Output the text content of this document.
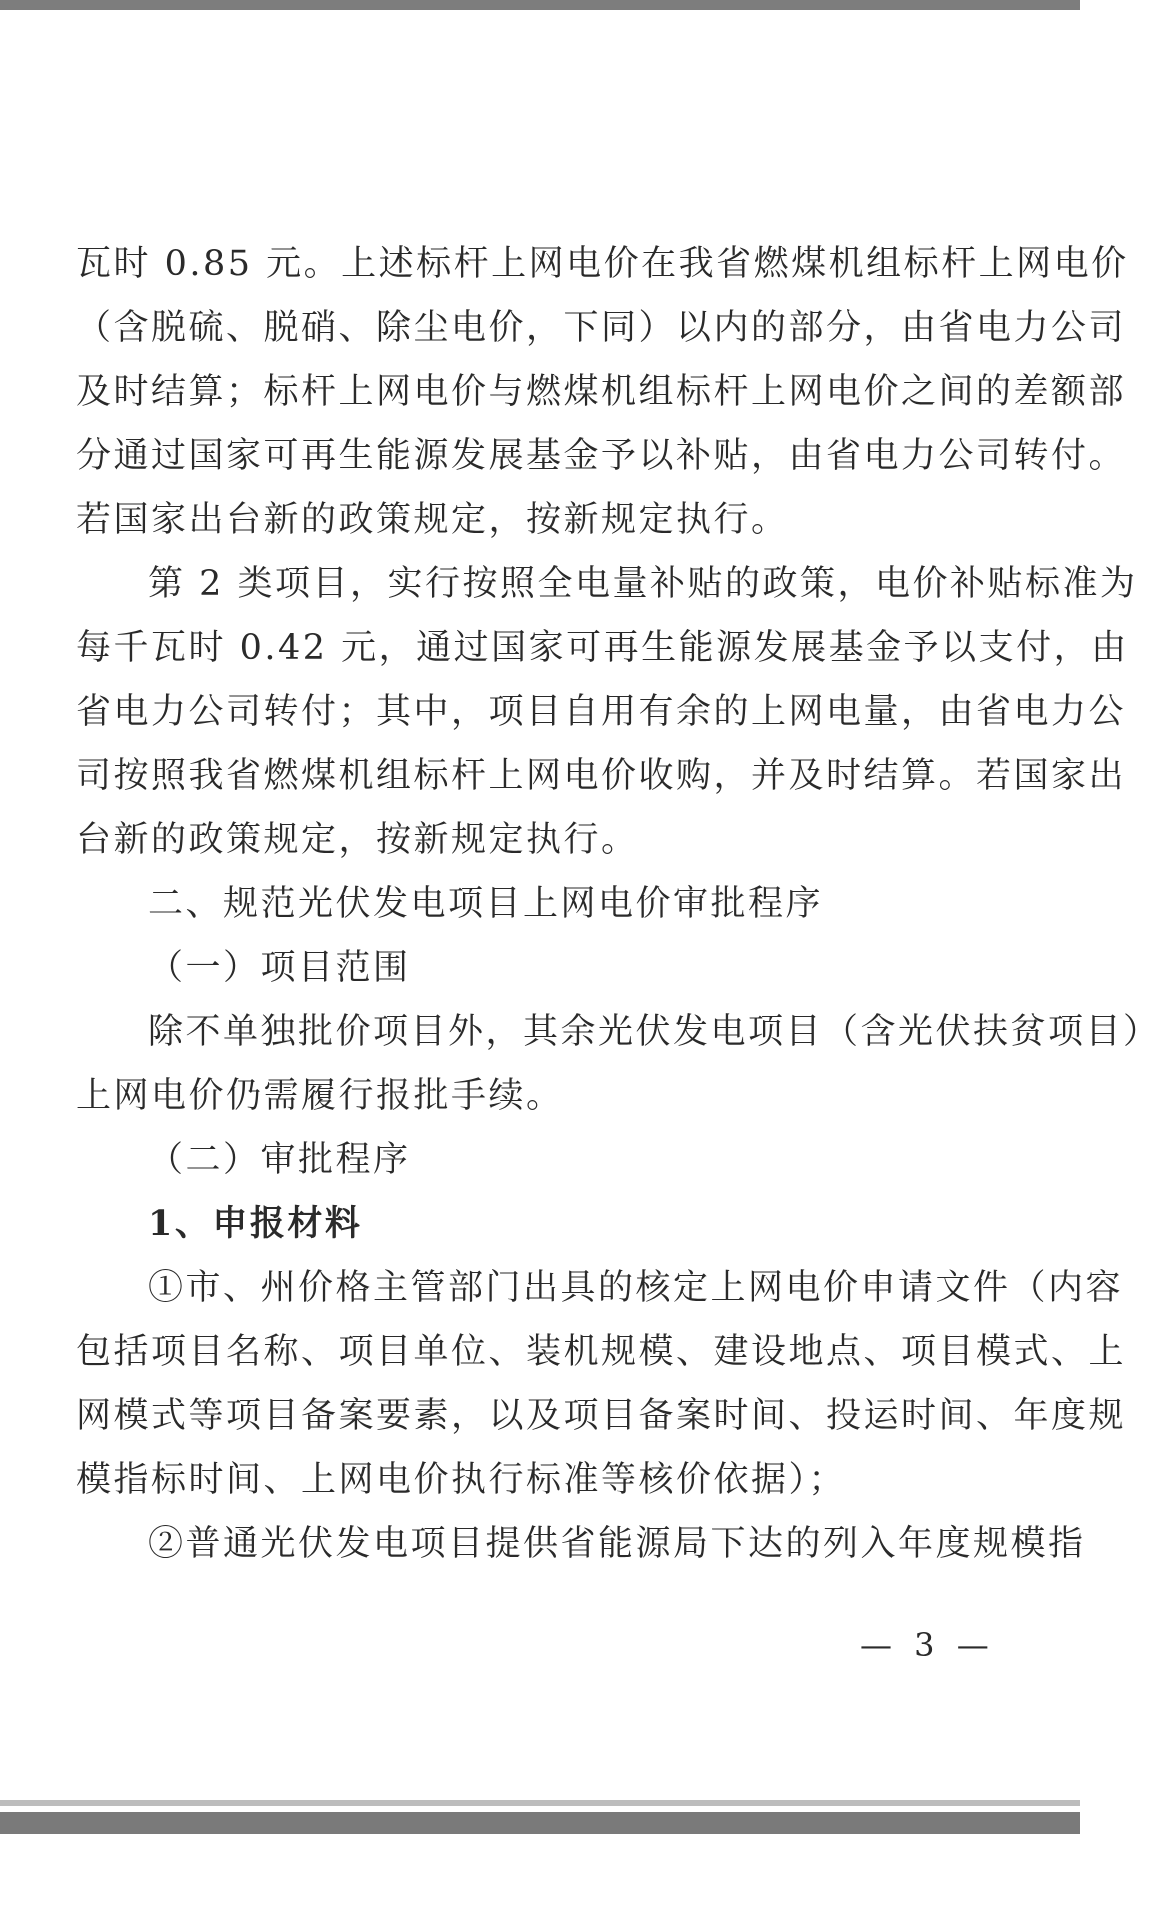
瓦时 0.85 元。上述标杆上网电价在我省燃煤机组标杆上网电价
（含脱硫、脱硝、除尘电价，下同）以内的部分，由省电力公司
及时结算；标杆上网电价与燃煤机组标杆上网电价之间的差额部
分通过国家可再生能源发展基金予以补贴，由省电力公司转付。
若国家出台新的政策规定，按新规定执行。
第 2 类项目，实行按照全电量补贴的政策，电价补贴标准为
每千瓦时 0.42 元，通过国家可再生能源发展基金予以支付，由
省电力公司转付；其中，项目自用有余的上网电量，由省电力公
司按照我省燃煤机组标杆上网电价收购，并及时结算。若国家出
台新的政策规定，按新规定执行。
二、规范光伏发电项目上网电价审批程序
（一）项目范围
除不单独批价项目外，其余光伏发电项目（含光伏扶贫项目）
上网电价仍需履行报批手续。
（二）审批程序
1、申报材料
①市、州价格主管部门出具的核定上网电价申请文件（内容
包括项目名称、项目单位、装机规模、建设地点、项目模式、上
网模式等项目备案要素，以及项目备案时间、投运时间、年度规
模指标时间、上网电价执行标准等核价依据）；
②普通光伏发电项目提供省能源局下达的列入年度规模指
— 3 —
